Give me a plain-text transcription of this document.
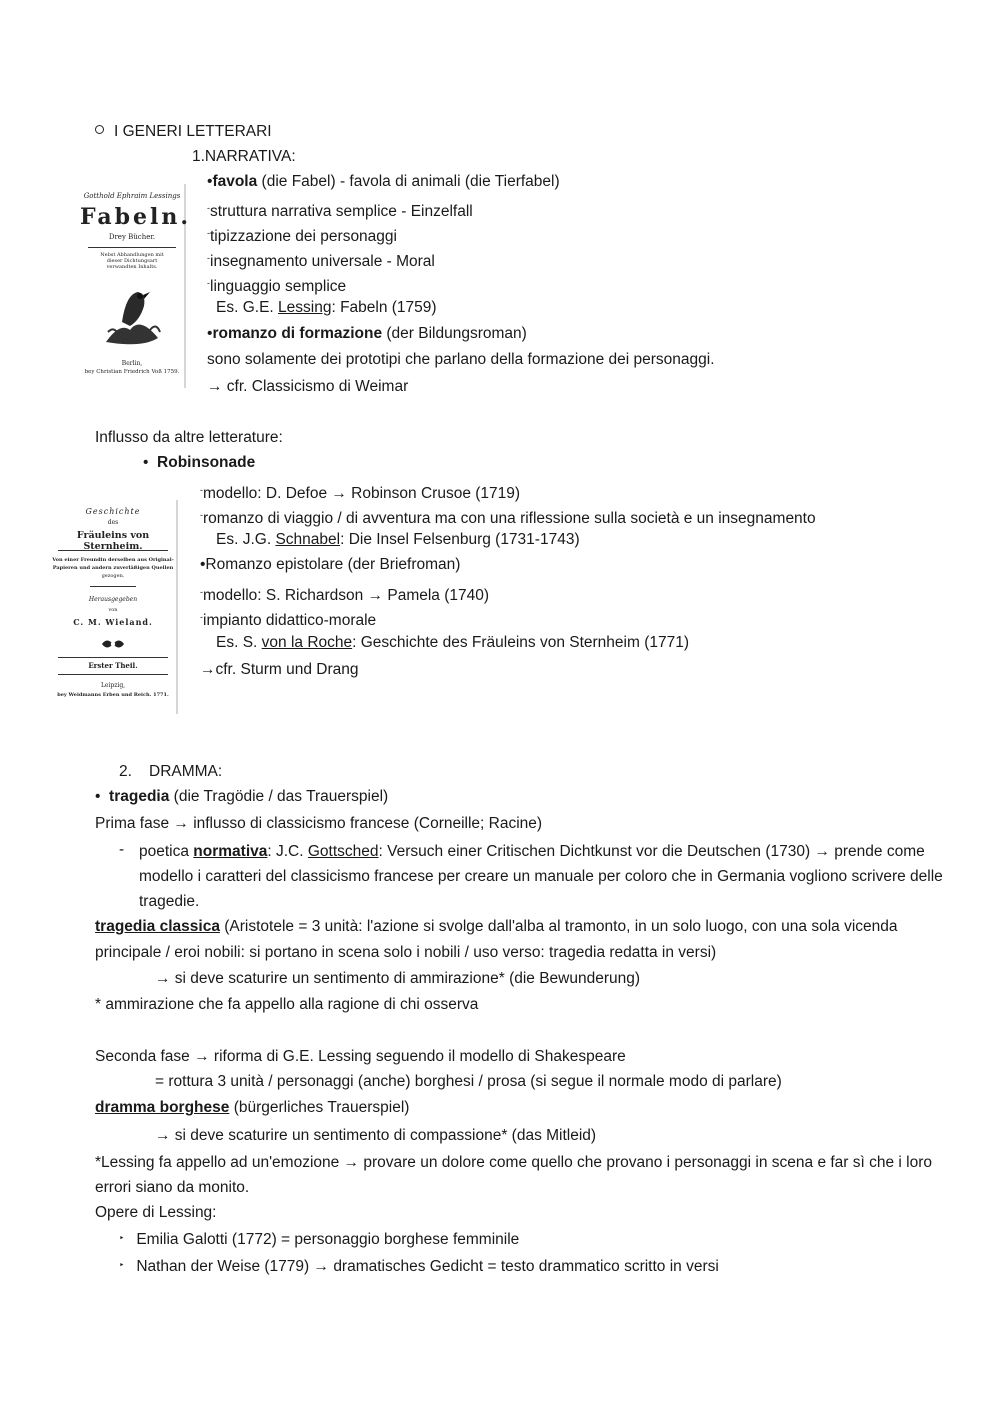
I GENERI LETTERARI
1.NARRATIVA:
•favola (die Fabel) - favola di animali (die Tierfabel)
-struttura narrativa semplice - Einzelfall
-tipizzazione dei personaggi
-insegnamento universale - Moral
-linguaggio semplice
Es. G.E. Lessing: Fabeln (1759)
•romanzo di formazione (der Bildungsroman)
sono solamente dei prototipi che parlano della formazione dei personaggi.
→ cfr. Classicismo di Weimar
Gotthold Ephraim Lessings
Fabeln.
Drey Bücher.
Nebst Abhandlungen mit dieser Dichtungsart verwandten Inhalts.
Berlin,
bey Christian Friedrich Voß 1759.
Influsso da altre letterature:
•  Robinsonade
-modello: D. Defoe → Robinson Crusoe (1719)
-romanzo di viaggio / di avventura ma con una riflessione sulla società e un insegnamento
Es. J.G. Schnabel: Die Insel Felsenburg (1731-1743)
•Romanzo epistolare (der Briefroman)
-modello: S. Richardson → Pamela (1740)
-impianto didattico-morale
Es. S. von la Roche: Geschichte des Fräuleins von Sternheim (1771)
→cfr. Sturm und Drang
Geschichte
des
Fräuleins von Sternheim.
Von einer Freundin derselben aus Original-
Papieren und andern zuverläßigen Quellen
gezogen.
Herausgegeben
von
C. M. Wieland.
Erster Theil.
Leipzig,
bey Weidmanns Erben und Reich. 1771.
2. DRAMMA:
•  tragedia (die Tragödie / das Trauerspiel)
Prima fase → influsso di classicismo francese (Corneille; Racine)
- poetica normativa: J.C. Gottsched: Versuch einer Critischen Dichtkunst vor die Deutschen (1730) → prende come
modello i caratteri del classicismo francese per creare un manuale per coloro che in Germania vogliono scrivere delle
tragedie.
tragedia classica (Aristotele = 3 unità: l'azione si svolge dall'alba al tramonto, in un solo luogo, con una sola vicenda
principale / eroi nobili: si portano in scena solo i nobili / uso verso: tragedia redatta in versi)
→ si deve scaturire un sentimento di ammirazione* (die Bewunderung)
* ammirazione che fa appello alla ragione di chi osserva
Seconda fase → riforma di G.E. Lessing seguendo il modello di Shakespeare
= rottura 3 unità / personaggi (anche) borghesi / prosa (si segue il normale modo di parlare)
dramma borghese (bürgerliches Trauerspiel)
→ si deve scaturire un sentimento di compassione* (das Mitleid)
*Lessing fa appello ad un'emozione → provare un dolore come quello che provano i personaggi in scena e far sì che i loro
errori siano da monito.
Opere di Lessing:
‣ Emilia Galotti (1772) = personaggio borghese femminile
‣ Nathan der Weise (1779) → dramatisches Gedicht = testo drammatico scritto in versi
